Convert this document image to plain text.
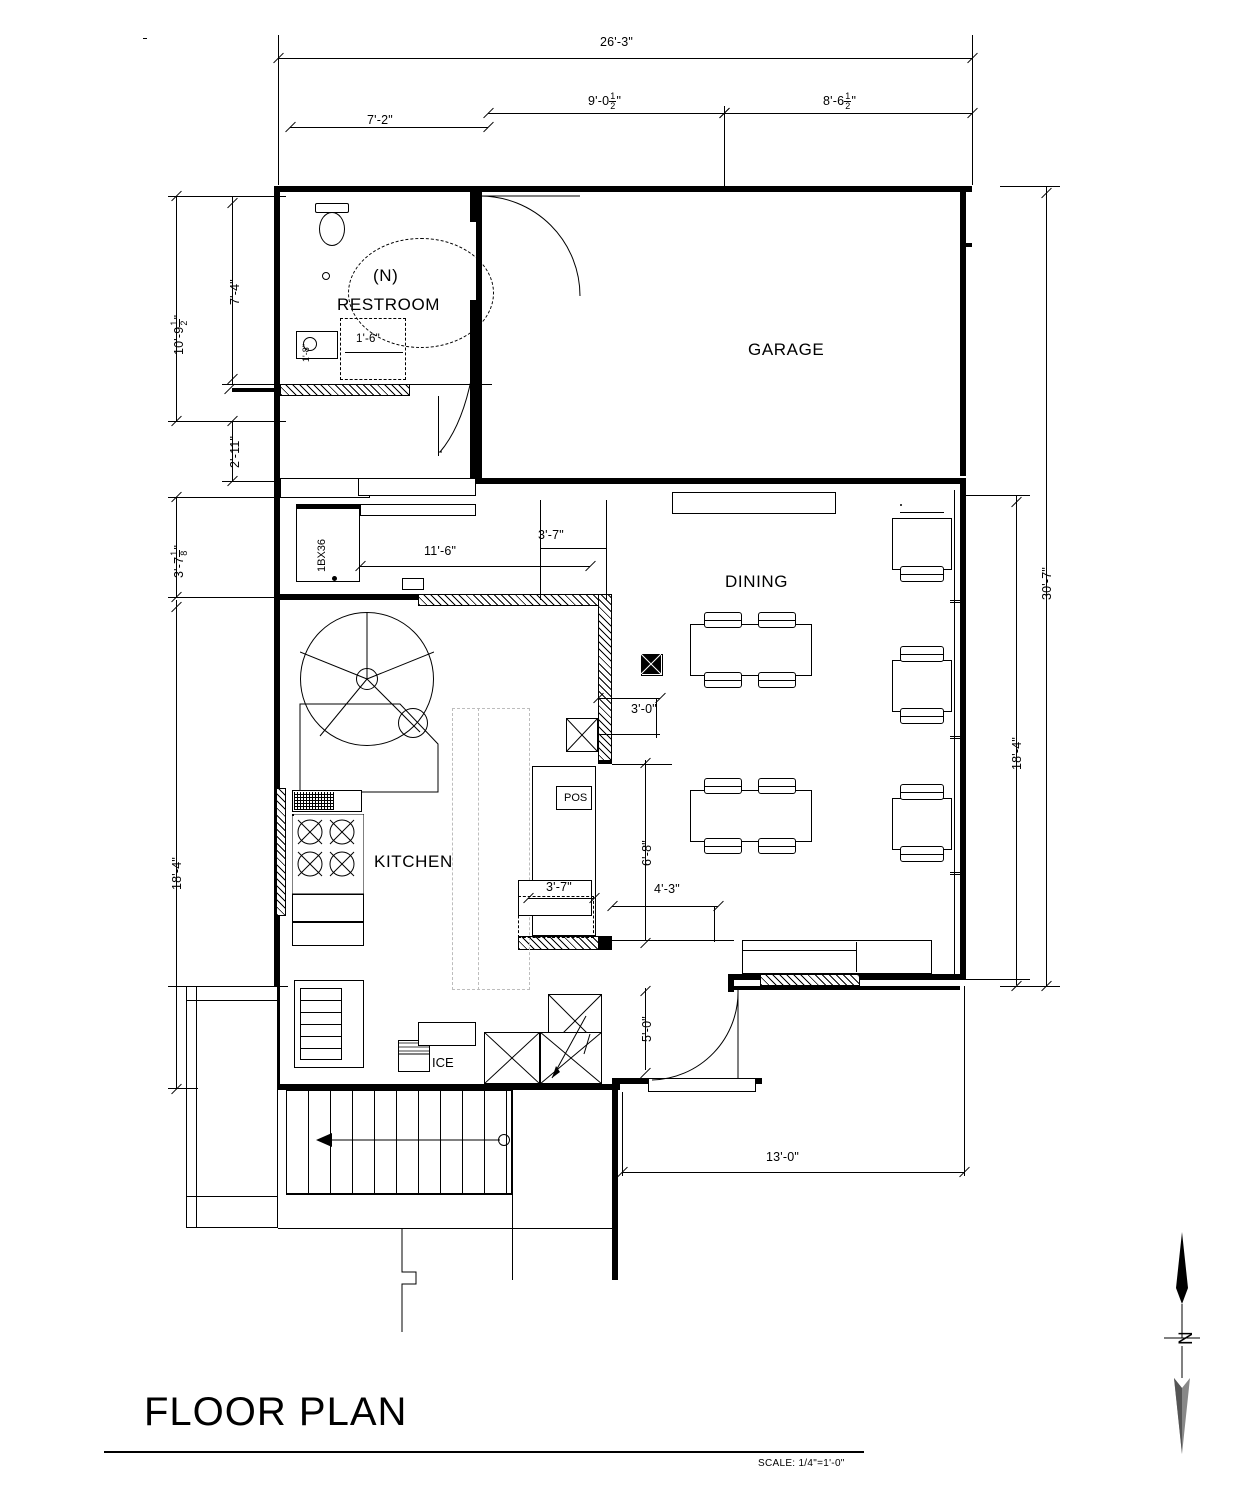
26'-3"
7'-2"
$9'-0 \frac{1}{2}$ "	$8'-6 \frac{1}{2}$ "
7'-4"
10'-9
1 2
"
2'-11"
3'-7
1 8
"
18'-4"
30'-7"
18'-4"
GARAGE
(N)
RESTROOM
1'-8"
1'-6"
DINING
KITCHEN
1BX36	11'-6"
3'-7"
ICE
POS
3'-0"
6'-8"
3'-7"	4'-3"
5'-0"
13'-0"
N
FLOOR PLAN
SCALE: 1/4"=1'-0"
